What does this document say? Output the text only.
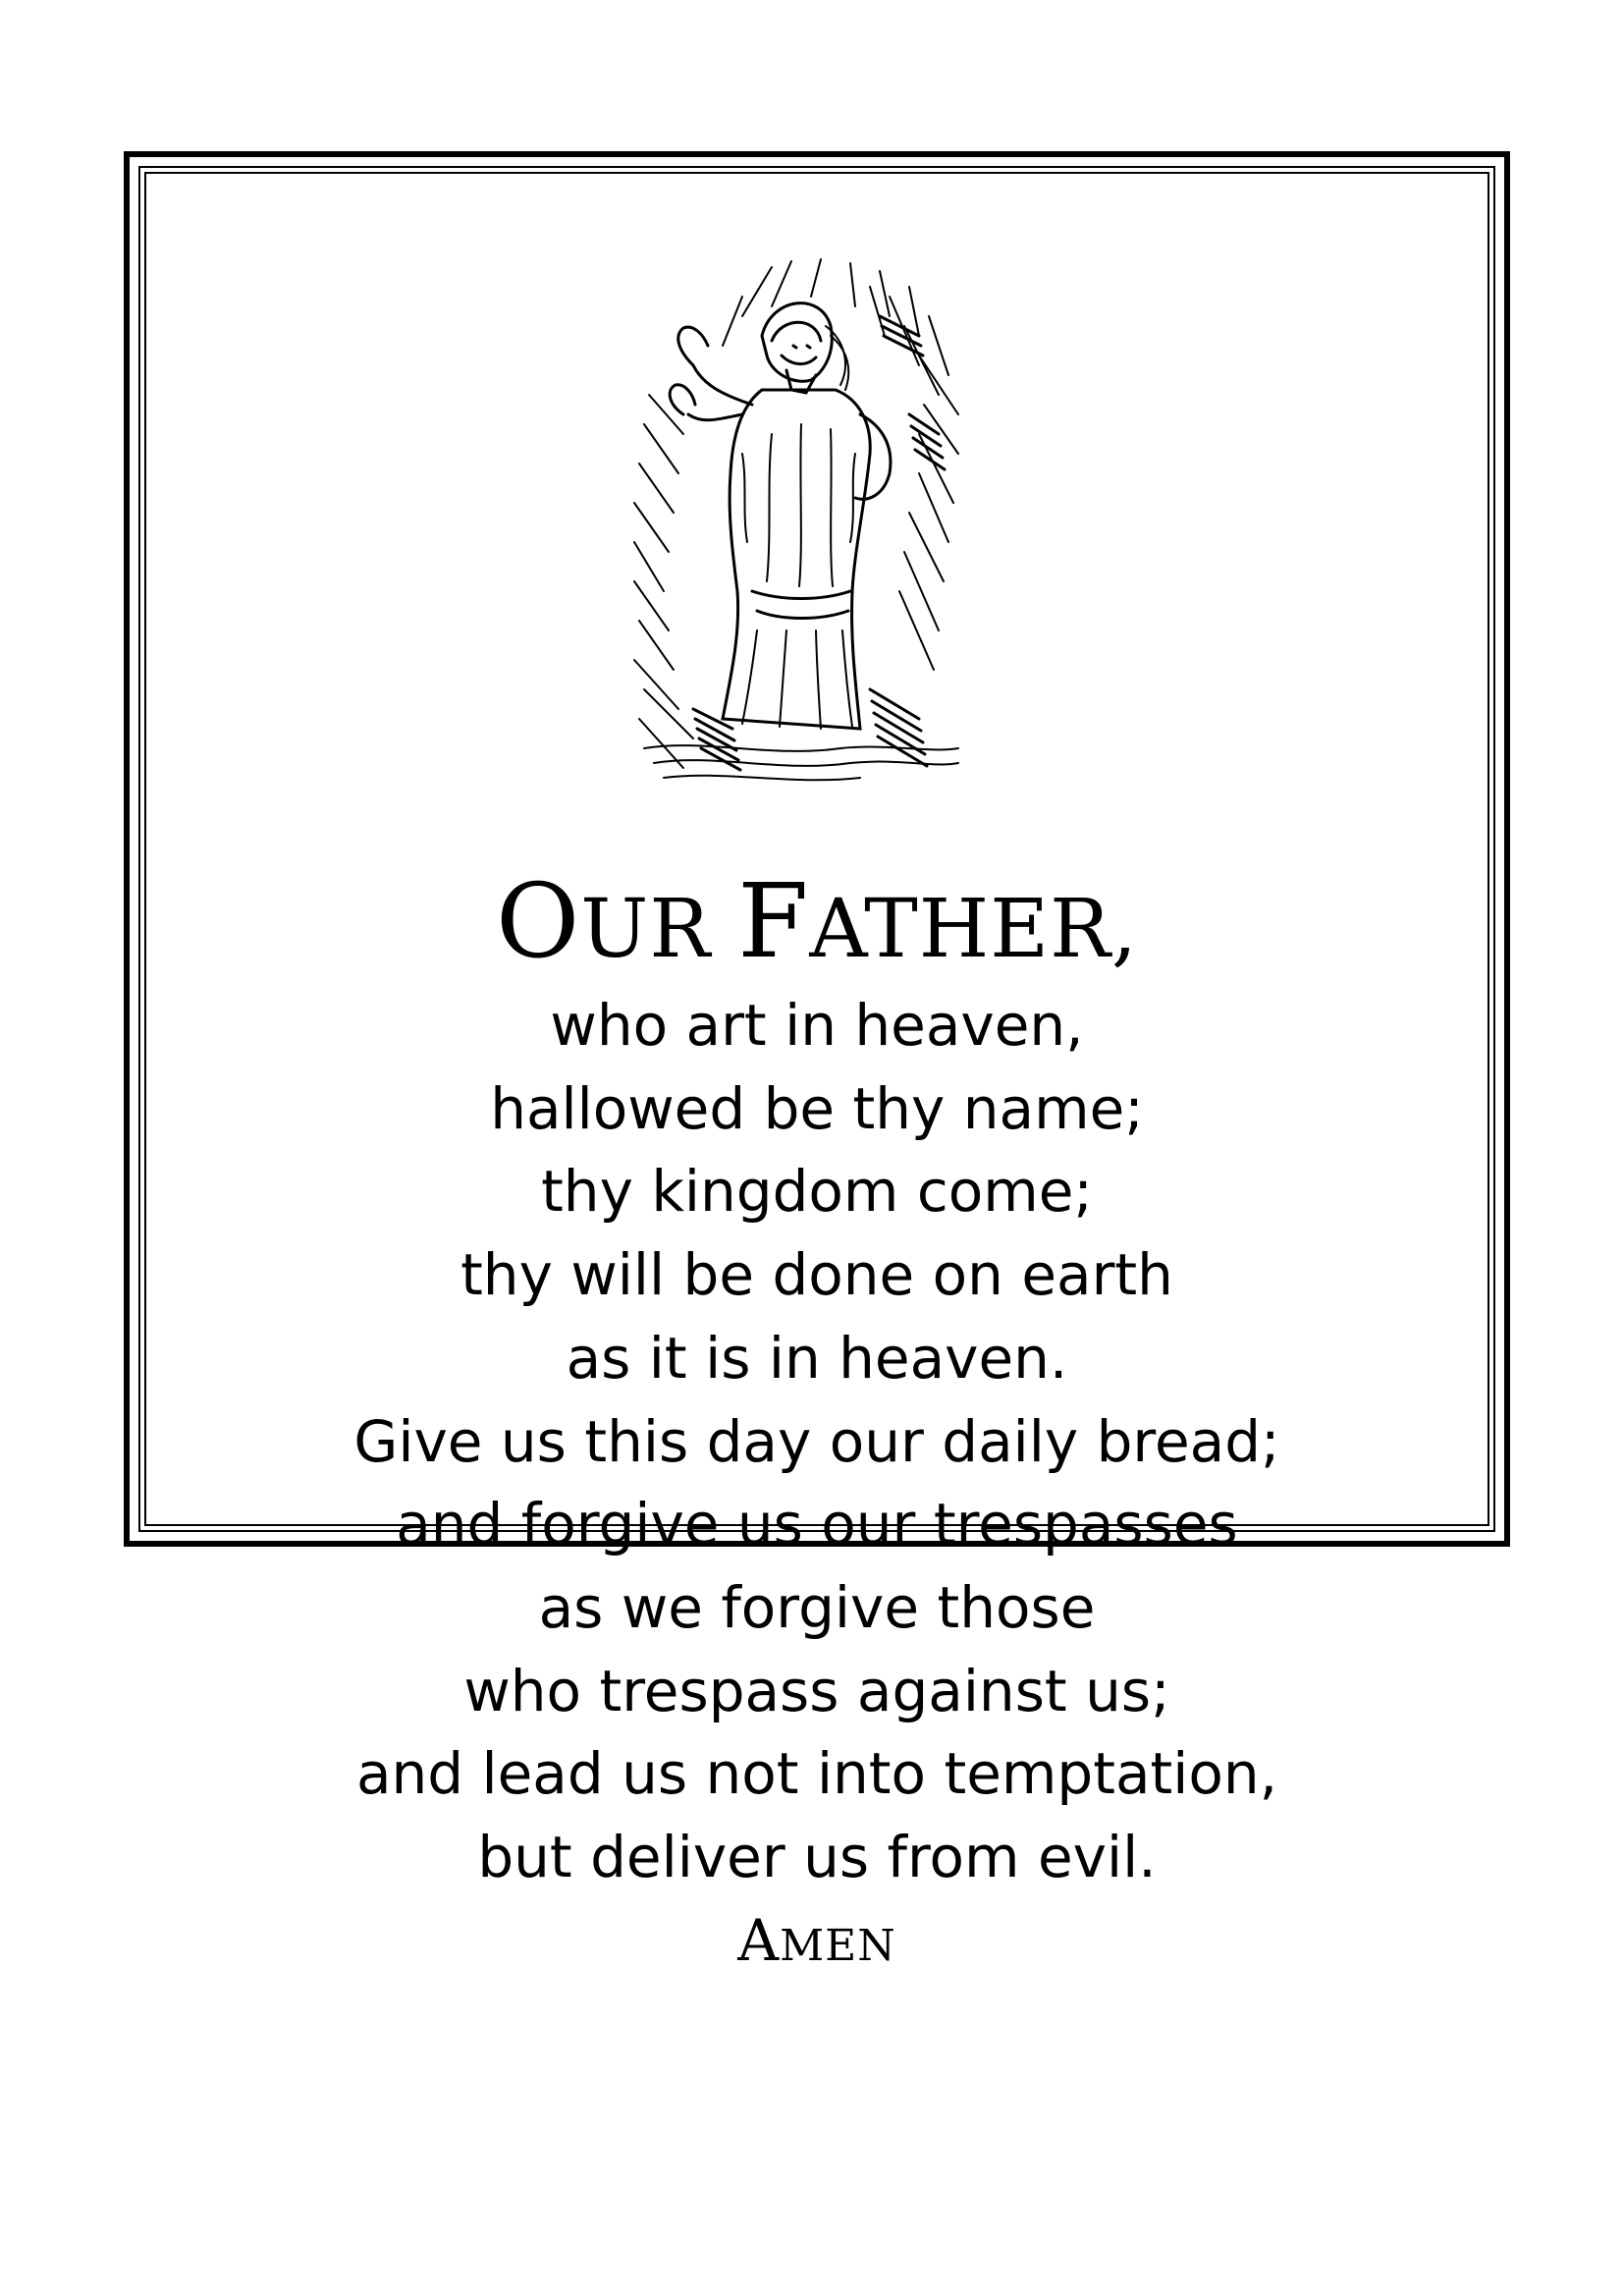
OUR FATHER,
who art in heaven,
hallowed be thy name;
thy kingdom come;
thy will be done on earth
as it is in heaven.
Give us this day our daily bread;
and forgive us our trespasses
as we forgive those
who trespass against us;
and lead us not into temptation,
but deliver us from evil.
AMEN
